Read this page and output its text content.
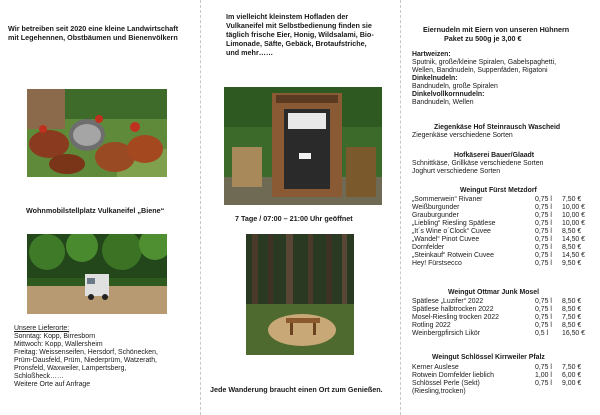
Wir betreiben seit 2020 eine kleine Landwirtschaft
mit Legehennen, Obstbäumen und Bienenvölkern
Wohnmobilstellplatz Vulkaneifel „Biene“
Unsere Lieferorte:
Sonntag: Kopp, Birresborn
Mittwoch: Kopp, Wallersheim
Freitag: Weissenseifen, Hersdorf, Schönecken,
Prüm-Dausfeld, Prüm, Niederprüm, Watzerath,
Pronsfeld, Waxweiler, Lampertsberg,
Schloßheck……
Weitere Orte auf Anfrage
Im vielleicht kleinstem Hofladen der
Vulkaneifel mit Selbstbedienung finden sie
täglich frische Eier, Honig, Wildsalami, Bio-
Limonade, Säfte, Gebäck, Brotaufstriche,
und mehr……
7 Tage / 07:00 – 21:00 Uhr geöffnet
Jede Wanderung braucht einen Ort zum Genießen.
Eiernudeln mit Eiern von unseren Hühnern
Paket zu 500g je 3,00 €
Hartweizen:
Sputnik, große/kleine Spiralen, Gabelspaghetti,
Wellen, Bandnudeln, Suppenfäden, Rigatoni
Dinkelnudeln:
Bandnudeln, große Spiralen
Dinkelvollkornnudeln:
Bandnudeln, Wellen
Ziegenkäse Hof Steinrausch Wascheid
Ziegenkäse verschiedene Sorten
Hofkäserei Bauer/Glaadt
Schnittkäse, Grillkäse verschiedene Sorten
Joghurt verschiedene Sorten
Weingut Fürst Metzdorf
„Sommerwein“ Rivaner	0,75 l 7,50 €
Weißburgunder	0,75 l 10,00 €
Grauburgunder	0,75 l 10,00 €
„Liebling“ Riesling Spätlese	0,75 l 10,00 €
„It´s Wine o´Clock“ Cuvee	0,75 l 8,50 €
„Wandel“ Pinot Cuvee	0,75 l 14,50 €
Dornfelder	0,75 l 8,50 €
„Steinkauf“ Rotwein Cuvee	0,75 l 14,50 €
Hey! Fürstsecco	0,75 l 9,50 €
Weingut Ottmar Junk Mosel
Spätlese „Luzifer“ 2022	0,75 l 8,50 €
Spätlese halbtrocken 2022	0,75 l 8,50 €
Mosel-Riesling trocken 2022	0,75 l 7,50 €
Rotling 2022	0,75 l 8,50 €
Weinbergpfirsich Likör	0,5 l 16,50 €
Weingut Schlössel Kirrweiler Pfalz
Kerner Auslese	0,75 l 7,50 €
Rotwein Dornfelder lieblich	1,00 l 6,00 €
Schlössel Perle (Sekt)	0,75 l 9,00 €
(Riesling,trocken)
